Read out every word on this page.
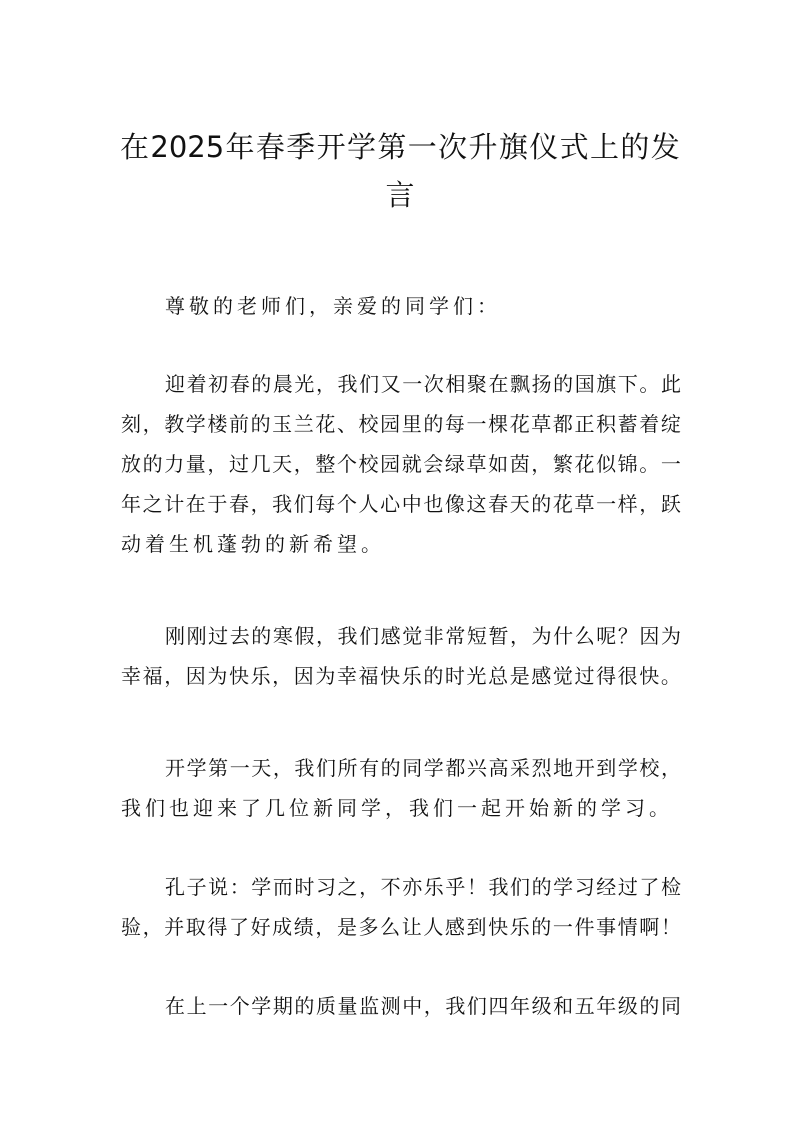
在 2025 年 春 季 开 学 第 一 次 升 旗 仪 式 上 的 发
言
尊 敬 的 老 师 们 ， 亲 爱 的 同 学 们 ：
迎 着 初 春 的 晨 光 ， 我 们 又 一 次 相 聚 在 飘 扬 的 国 旗 下 。 此
刻 ， 教 学 楼 前 的 玉 兰 花 、 校 园 里 的 每 一 棵 花 草 都 正 积 蓄 着 绽
放 的 力 量 ， 过 几 天 ， 整 个 校 园 就 会 绿 草 如 茵 ， 繁 花 似 锦 。 一
年 之 计 在 于 春 ， 我 们 每 个 人 心 中 也 像 这 春 天 的 花 草 一 样 ， 跃
动 着 生 机 蓬 勃 的 新 希 望 。
刚 刚 过 去 的 寒 假 ， 我 们 感 觉 非 常 短 暂 ， 为 什 么 呢 ？ 因 为
幸 福 ， 因 为 快 乐 ， 因 为 幸 福 快 乐 的 时 光 总 是 感 觉 过 得 很 快 。
开 学 第 一 天 ， 我 们 所 有 的 同 学 都 兴 高 采 烈 地 开 到 学 校 ，
我 们 也 迎 来 了 几 位 新 同 学 ， 我 们 一 起 开 始 新 的 学 习 。
孔 子 说 ： 学 而 时 习 之 ， 不 亦 乐 乎 ！ 我 们 的 学 习 经 过 了 检
验 ， 并 取 得 了 好 成 绩 ， 是 多 么 让 人 感 到 快 乐 的 一 件 事 情 啊 ！
在 上 一 个 学 期 的 质 量 监 测 中 ， 我 们 四 年 级 和 五 年 级 的 同
